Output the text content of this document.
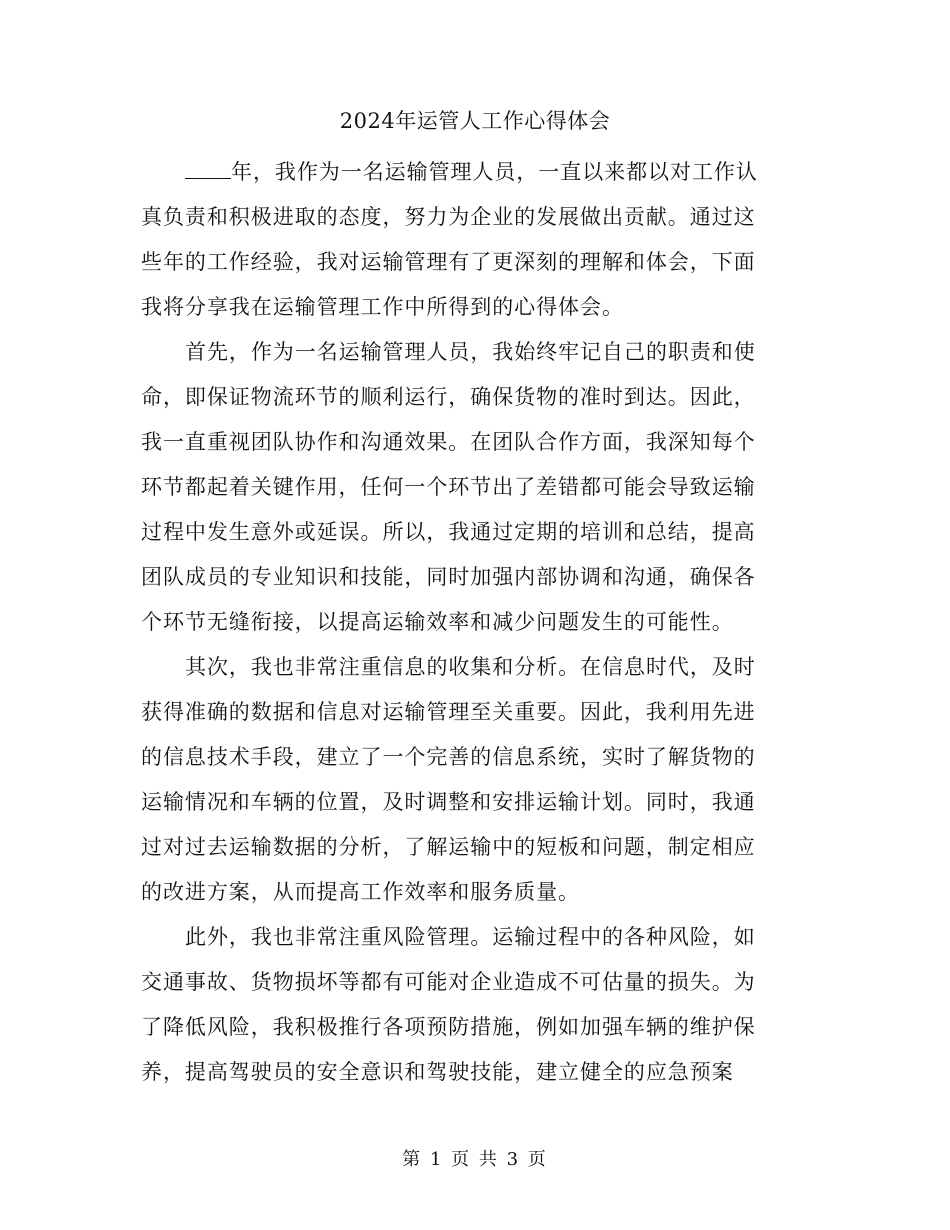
2024年运管人工作心得体会
年，我作为一名运输管理人员，一直以来都以对工作认
真负责和积极进取的态度，努力为企业的发展做出贡献。通过这
些年的工作经验，我对运输管理有了更深刻的理解和体会，下面
我将分享我在运输管理工作中所得到的心得体会。
首先，作为一名运输管理人员，我始终牢记自己的职责和使
命，即保证物流环节的顺利运行，确保货物的准时到达。因此，
我一直重视团队协作和沟通效果。在团队合作方面，我深知每个
环节都起着关键作用，任何一个环节出了差错都可能会导致运输
过程中发生意外或延误。所以，我通过定期的培训和总结，提高
团队成员的专业知识和技能，同时加强内部协调和沟通，确保各
个环节无缝衔接，以提高运输效率和减少问题发生的可能性。
其次，我也非常注重信息的收集和分析。在信息时代，及时
获得准确的数据和信息对运输管理至关重要。因此，我利用先进
的信息技术手段，建立了一个完善的信息系统，实时了解货物的
运输情况和车辆的位置，及时调整和安排运输计划。同时，我通
过对过去运输数据的分析，了解运输中的短板和问题，制定相应
的改进方案，从而提高工作效率和服务质量。
此外，我也非常注重风险管理。运输过程中的各种风险，如
交通事故、货物损坏等都有可能对企业造成不可估量的损失。为
了降低风险，我积极推行各项预防措施，例如加强车辆的维护保
养，提高驾驶员的安全意识和驾驶技能，建立健全的应急预案
第 1 页 共 3 页
